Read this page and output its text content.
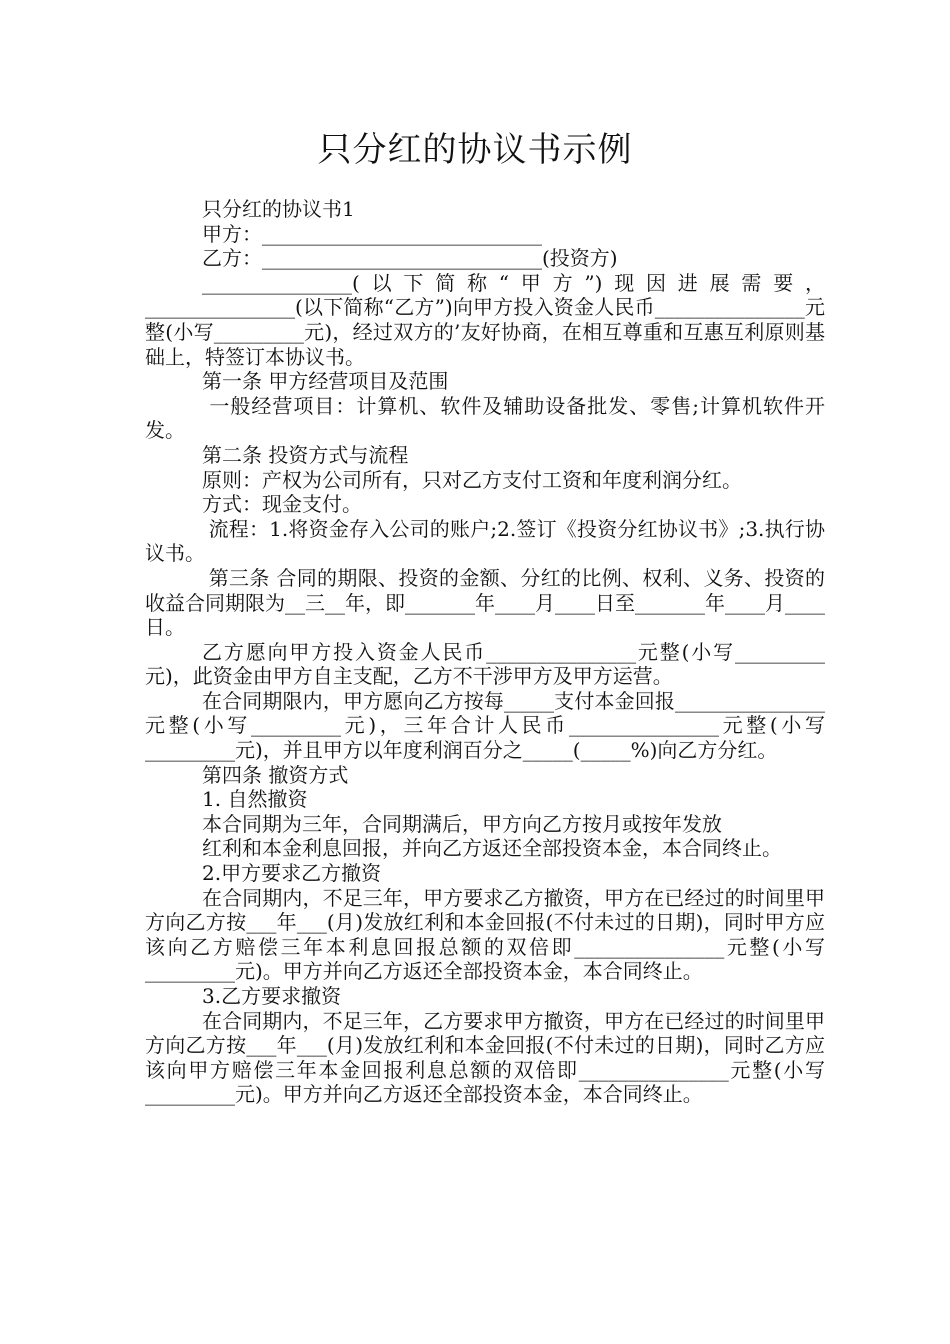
只分红的协议书示例

只分红的协议书1

甲方：____________________________

乙方：____________________________(投资方)

_______________(以下简称“甲方”)现因进展需要，_______________(以下简称“乙方”)向甲方投入资金人民币_______________元整(小写_________元)，经过双方的’友好协商，在相互尊重和互惠互利原则基础上，特签订本协议书。

第一条 甲方经营项目及范围

一般经营项目：计算机、软件及辅助设备批发、零售;计算机软件开发。

第二条 投资方式与流程

原则：产权为公司所有，只对乙方支付工资和年度利润分红。

方式：现金支付。

流程：1.将资金存入公司的账户;2.签订《投资分红协议书》;3.执行协议书。

第三条 合同的期限、投资的金额、分红的比例、权利、义务、投资的收益合同期限为__三__年，即_______年____月____日至_______年____月____日。

乙方愿向甲方投入资金人民币_______________元整(小写_________元)，此资金由甲方自主支配，乙方不干涉甲方及甲方运营。

在合同期限内，甲方愿向乙方按每_____支付本金回报_______________元整(小写_________元)，三年合计人民币_______________元整(小写_________元)，并且甲方以年度利润百分之_____(_____%)向乙方分红。

第四条 撤资方式

1. 自然撤资

本合同期为三年，合同期满后，甲方向乙方按月或按年发放

红利和本金利息回报，并向乙方返还全部投资本金，本合同终止。

2.甲方要求乙方撤资

在合同期内，不足三年，甲方要求乙方撤资，甲方在已经过的时间里甲方向乙方按___年___(月)发放红利和本金回报(不付未过的日期)，同时甲方应该向乙方赔偿三年本利息回报总额的双倍即_______________元整(小写_________元)。甲方并向乙方返还全部投资本金，本合同终止。

3.乙方要求撤资

在合同期内，不足三年，乙方要求甲方撤资，甲方在已经过的时间里甲方向乙方按___年___(月)发放红利和本金回报(不付未过的日期)，同时乙方应该向甲方赔偿三年本金回报利息总额的双倍即_______________元整(小写_________元)。甲方并向乙方返还全部投资本金，本合同终止。
